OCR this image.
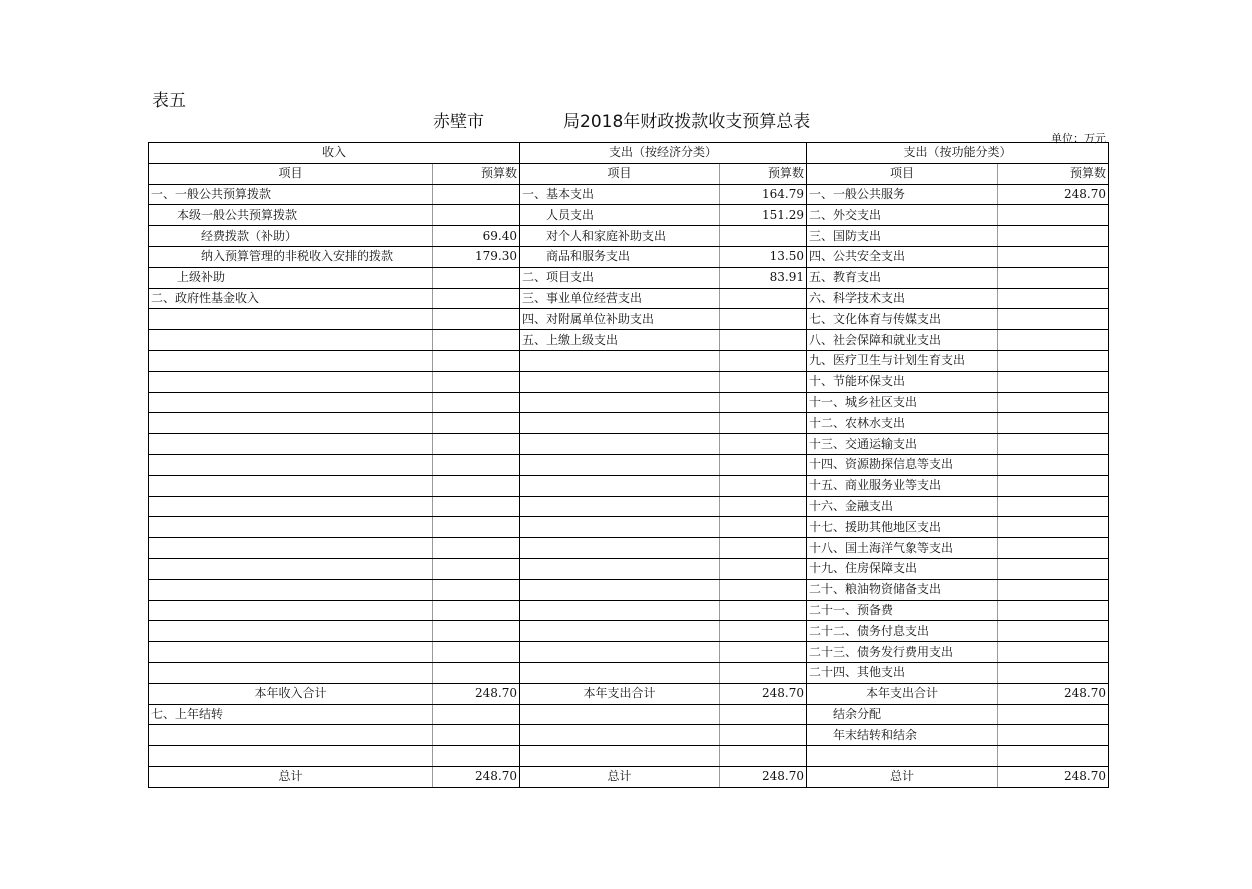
表五
赤壁市	局2018年财政拨款收支预算总表
单位：万元
收入		支出（按经济分类）		支出（按功能分类）	
项目	预算数	项目	预算数	项目	预算数
一、一般公共预算拨款		一、基本支出	164.79	一、一般公共服务	248.70
本级一般公共预算拨款		人员支出	151.29	二、外交支出	
经费拨款（补助）	69.40	对个人和家庭补助支出		三、国防支出	
纳入预算管理的非税收入安排的拨款	179.30	商品和服务支出	13.50	四、公共安全支出	
上级补助		二、项目支出	83.91	五、教育支出	
二、政府性基金收入		三、事业单位经营支出		六、科学技术支出	
		四、对附属单位补助支出		七、文化体育与传媒支出	
		五、上缴上级支出		八、社会保障和就业支出	
				九、医疗卫生与计划生育支出	
				十、节能环保支出	
				十一、城乡社区支出	
				十二、农林水支出	
				十三、交通运输支出	
				十四、资源勘探信息等支出	
				十五、商业服务业等支出	
				十六、金融支出	
				十七、援助其他地区支出	
				十八、国土海洋气象等支出	
				十九、住房保障支出	
				二十、粮油物资储备支出	
				二十一、预备费	
				二十二、债务付息支出	
				二十三、债务发行费用支出	
				二十四、其他支出	
本年收入合计	248.70	本年支出合计	248.70	本年支出合计	248.70
七、上年结转				结余分配	
				年末结转和结余	

总计	248.70	总计	248.70	总计	248.70
